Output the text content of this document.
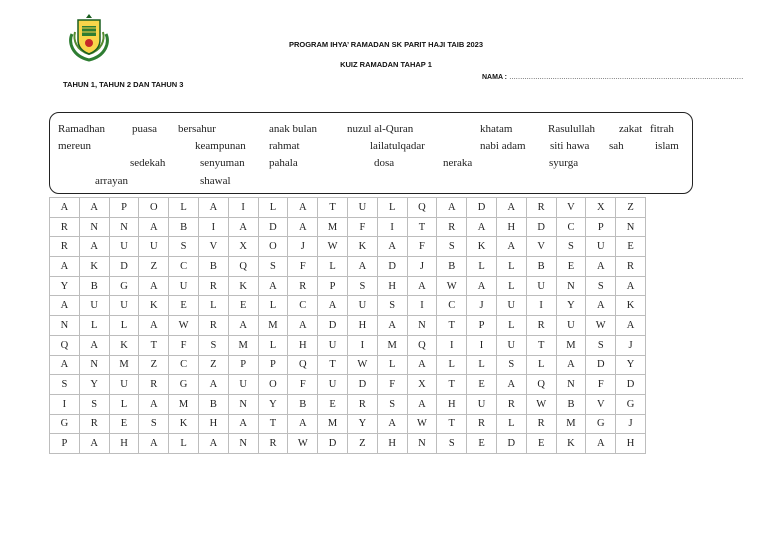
PROGRAM IHYA’ RAMADAN SK PARIT HAJI TAIB 2023
KUIZ RAMADAN TAHAP 1
TAHUN 1, TAHUN 2 DAN TAHUN 3
NAMA : ………………………………………………………………………………………………
Ramadhan puasa bersahur	anak bulan	nuzul al-Quran	khatam	Rasulullah zakat fitrah
mereun	keampunan rahmat	lailatulqadar	nabi adam siti hawa sah	islam
sedekah	senyuman pahala	dosa	neraka	syurga
arrayan	shawal
A	A	P	O	L	A	I	L	A	T	U	L	Q	A	D	A	R	V	X	Z
R	N	N	A	B	I	A	D	A	M	F	I	T	R	A	H	D	C	P	N
R	A	U	U	S	V	X	O	J	W	K	A	F	S	K	A	V	S	U	E
A	K	D	Z	C	B	Q	S	F	L	A	D	J	B	L	L	B	E	A	R
Y	B	G	A	U	R	K	A	R	P	S	H	A	W	A	L	U	N	S	A
A	U	U	K	E	L	E	L	C	A	U	S	I	C	J	U	I	Y	A	K
N	L	L	A	W	R	A	M	A	D	H	A	N	T	P	L	R	U	W	A
Q	A	K	T	F	S	M	L	H	U	I	M	Q	I	I	U	T	M	S	J
A	N	M	Z	C	Z	P	P	Q	T	W	L	A	L	L	S	L	A	D	Y
S	Y	U	R	G	A	U	O	F	U	D	F	X	T	E	A	Q	N	F	D
I	S	L	A	M	B	N	Y	B	E	R	S	A	H	U	R	W	B	V	G
G	R	E	S	K	H	A	T	A	M	Y	A	W	T	R	L	R	M	G	J
P	A	H	A	L	A	N	R	W	D	Z	H	N	S	E	D	E	K	A	H
